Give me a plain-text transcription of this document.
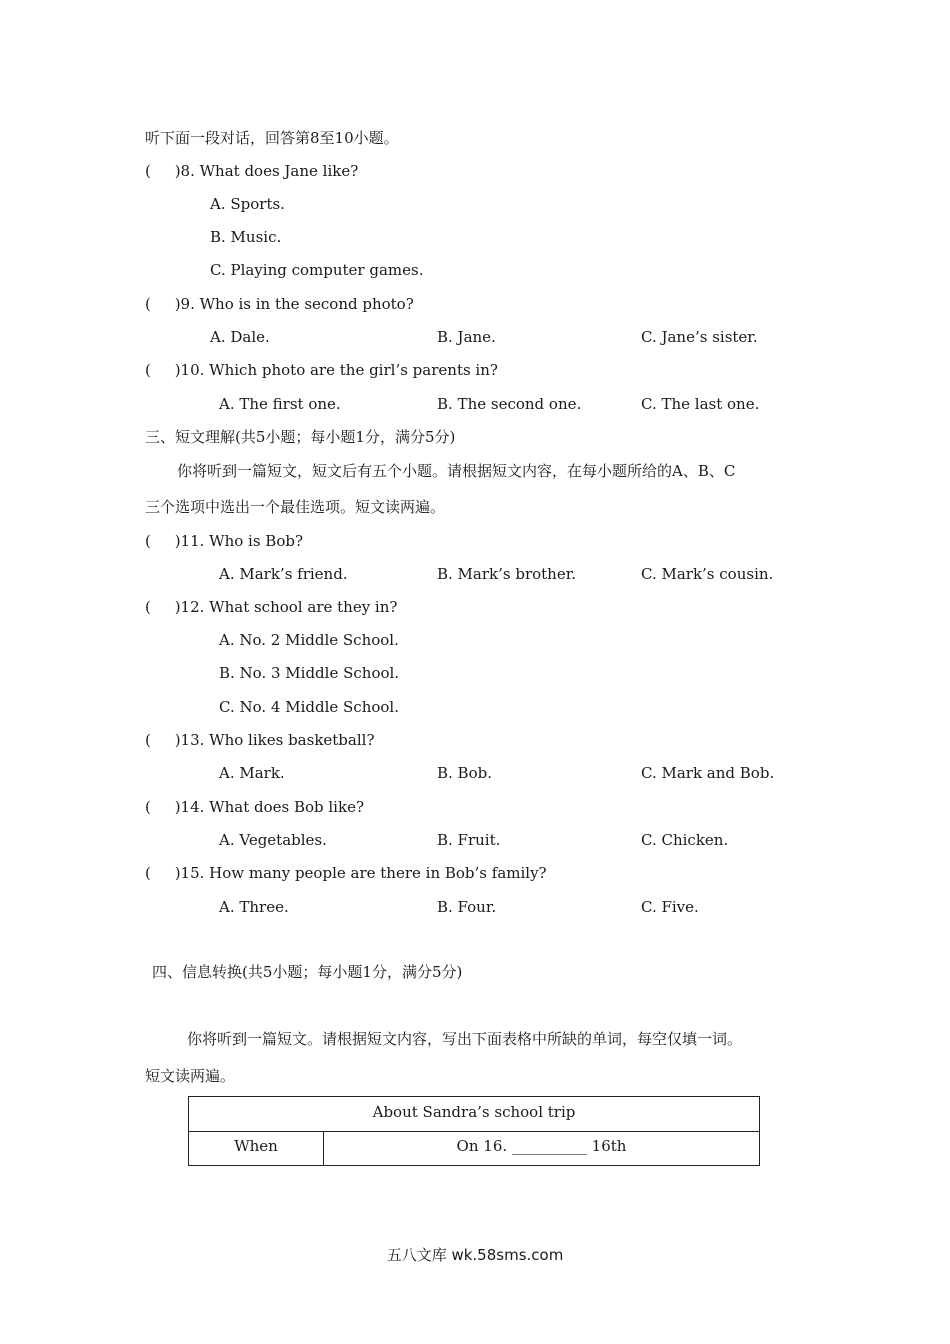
听下面一段对话，回答第8至10小题。
(     )8. What does Jane like?
A. Sports.
B. Music.
C. Playing computer games.
(     )9. Who is in the second photo?
A. Dale.	B. Jane.	C. Jane’s sister.
(     )10. Which photo are the girl’s parents in?
A. The first one.	B. The second one.	C. The last one.
三、短文理解(共5小题；每小题1分，满分5分)
你将听到一篇短文，短文后有五个小题。请根据短文内容，在每小题所给的A、B、C
三个选项中选出一个最佳选项。短文读两遍。
(     )11. Who is Bob?
A. Mark’s friend.	B. Mark’s brother.	C. Mark’s cousin.
(     )12. What school are they in?
A. No. 2 Middle School.
B. No. 3 Middle School.
C. No. 4 Middle School.
(     )13. Who likes basketball?
A. Mark.	B. Bob.	C. Mark and Bob.
(     )14. What does Bob like?
A. Vegetables.	B. Fruit.	C. Chicken.
(     )15. How many people are there in Bob’s family?
A. Three.	B. Four.	C. Five.
四、信息转换(共5小题；每小题1分，满分5分)
你将听到一篇短文。请根据短文内容，写出下面表格中所缺的单词，每空仅填一词。
短文读两遍。
About Sandra’s school trip
When	On 16. __________ 16th
五八文库 wk.58sms.com
